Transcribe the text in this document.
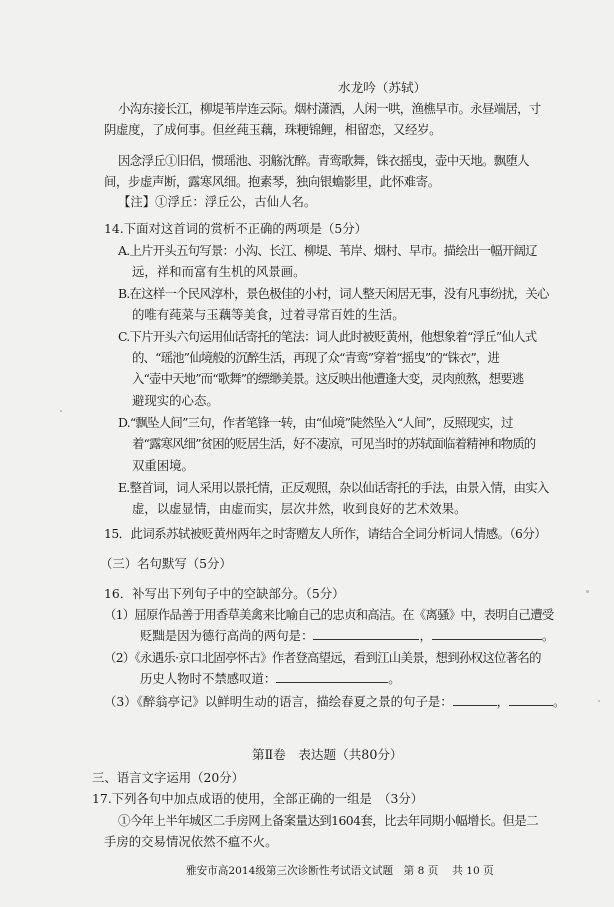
水龙吟（苏轼）
小沟东接长江，柳堤苇岸连云际。烟村潇洒，人闲一哄，渔樵早市。永昼端居，寸
阴虚度，了成何事。但丝莼玉藕，珠粳锦鲤，相留恋，又经岁。
因念浮丘①旧侣，惯瑶池、羽觞沈醉。青鸾歌舞，铢衣摇曳，壶中天地。飘堕人
间，步虚声断，露寒风细。抱素琴，独向银蟾影里，此怀难寄。
【注】①浮丘：浮丘公，古仙人名。
14.下面对这首词的赏析不正确的两项是（5分）
A.上片开头五句写景：小沟、长江、柳堤、苇岸、烟村、早市。描绘出一幅开阔辽
远，祥和而富有生机的风景画。
B.在这样一个民风淳朴，景色极佳的小村，词人整天闲居无事，没有凡事纷扰，关心
的唯有莼菜与玉藕等美食，过着寻常百姓的生活。
C.下片开头六句运用仙话寄托的笔法：词人此时被贬黄州，他想象着“浮丘”仙人式
的、“瑶池”仙境般的沉醉生活，再现了众“青鸾”穿着“摇曳”的“铢衣”，进
入“壶中天地”而“歌舞”的缥缈美景。这反映出他遭逢大变，灵肉煎熬，想要逃
避现实的心态。
D.“飘坠人间”三句，作者笔锋一转，由“仙境”陡然坠入“人间”，反照现实，过
着“露寒风细”贫困的贬居生活，好不凄凉，可见当时的苏轼面临着精神和物质的
双重困境。
E.整首词，词人采用以景托情，正反观照，杂以仙话寄托的手法，由景入情，由实入
虚，以虚显情，由虚而实，层次井然，收到良好的艺术效果。
15．此词系苏轼被贬黄州两年之时寄赠友人所作，请结合全词分析词人情感。（6分）
（三）名句默写（5分）
16．补写出下列句子中的空缺部分。（5分）
（1）屈原作品善于用香草美禽来比喻自己的忠贞和高洁。在《离骚》中，表明自己遭受
贬黜是因为德行高尚的两句是：	，	。
（2）《永遇乐·京口北固亭怀古》作者登高望远，看到江山美景，想到孙权这位著名的
历史人物时不禁感叹道：	。
（3）《醉翁亭记》以鲜明生动的语言，描绘春夏之景的句子是：	，	。
第Ⅱ卷　表达题（共80分）
三、语言文字运用（20分）
17.下列各句中加点成语的使用，全部正确的一组是　（3分）
①今年上半年城区二手房网上备案量达到1604套，比去年同期小幅增长。但是二
手房的交易情况依然不瘟不火。
雅安市高2014级第三次诊断性考试语文试题　第 8 页　 共 10 页
